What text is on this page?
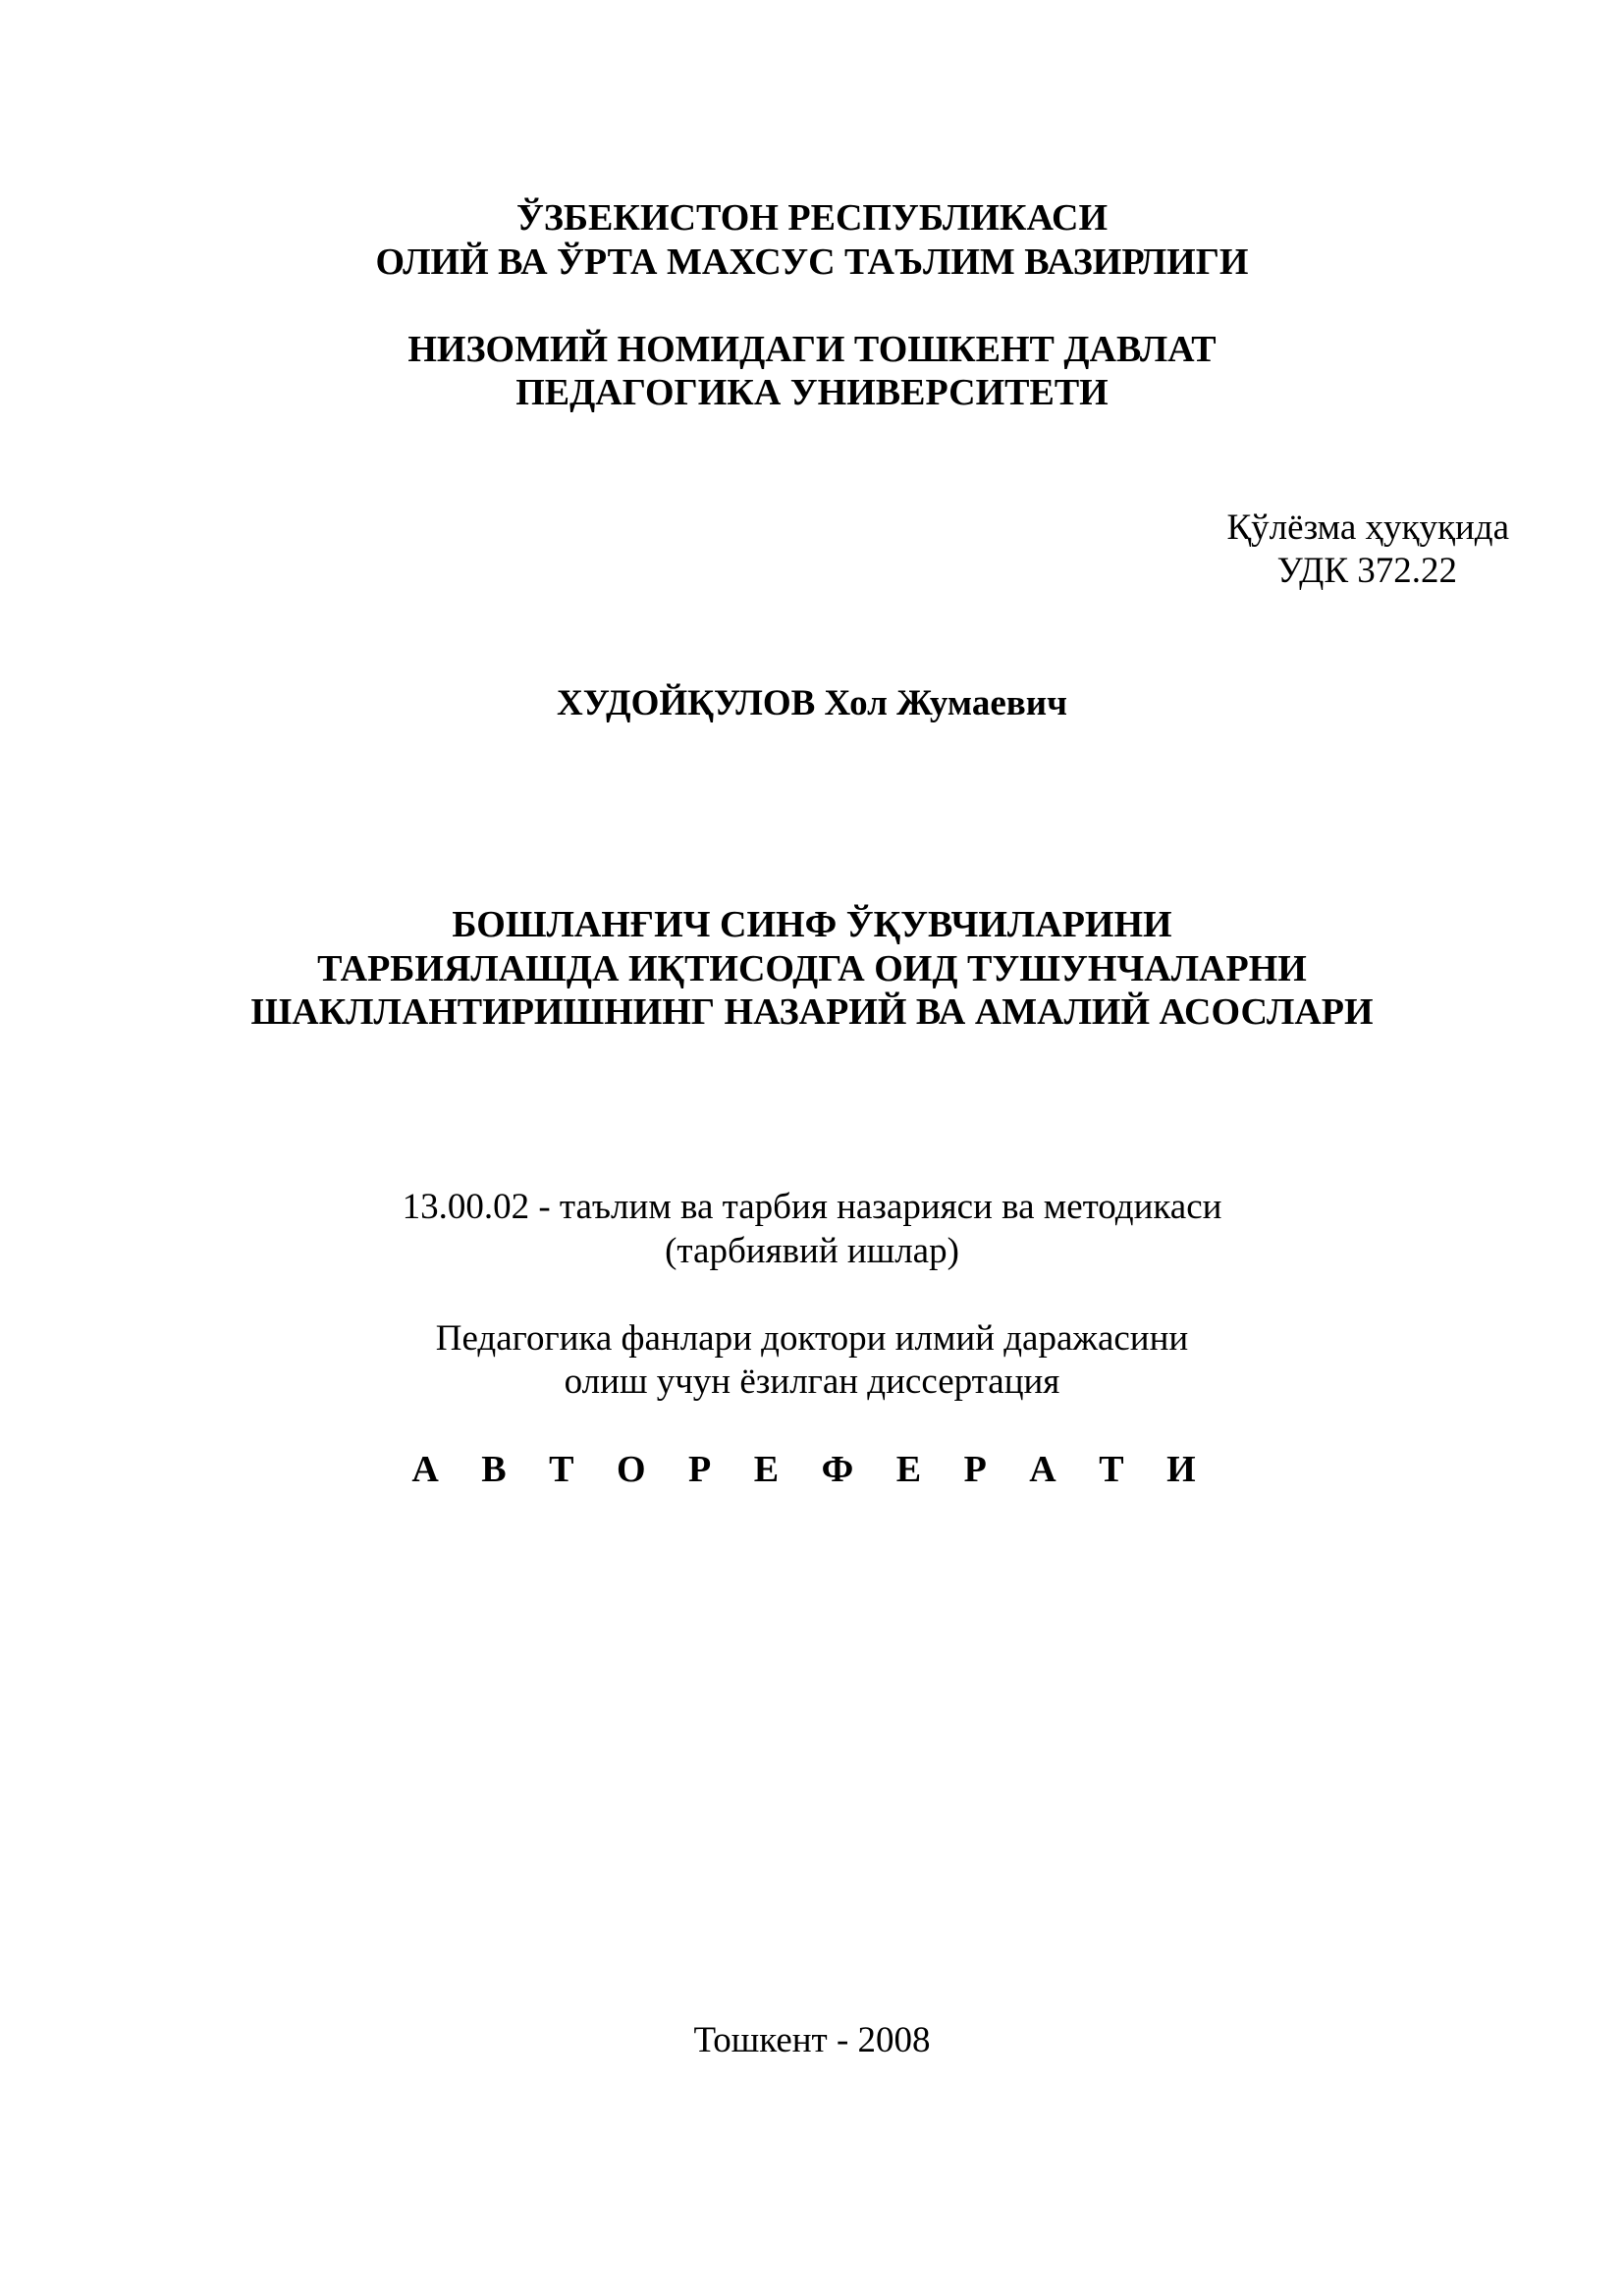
ЎЗБЕКИСТОН РЕСПУБЛИКАСИ
ОЛИЙ ВА ЎРТА МАХСУС ТАЪЛИМ ВАЗИРЛИГИ
НИЗОМИЙ НОМИДАГИ ТОШКЕНТ ДАВЛАТ
ПЕДАГОГИКА УНИВЕРСИТЕТИ
Қўлёзма ҳуқуқида
УДК 372.22
ХУДОЙҚУЛОВ Хол Жумаевич
БОШЛАНҒИЧ СИНФ ЎҚУВЧИЛАРИНИ
ТАРБИЯЛАШДА ИҚТИСОДГА ОИД ТУШУНЧАЛАРНИ
ШАКЛЛАНТИРИШНИНГ НАЗАРИЙ ВА АМАЛИЙ АСОСЛАРИ
13.00.02 - таълим ва тарбия назарияси ва методикаси
(тарбиявий ишлар)
Педагогика фанлари доктори илмий даражасини
олиш учун ёзилган диссертация
А В Т О Р Е Ф Е Р А Т И
Тошкент - 2008
